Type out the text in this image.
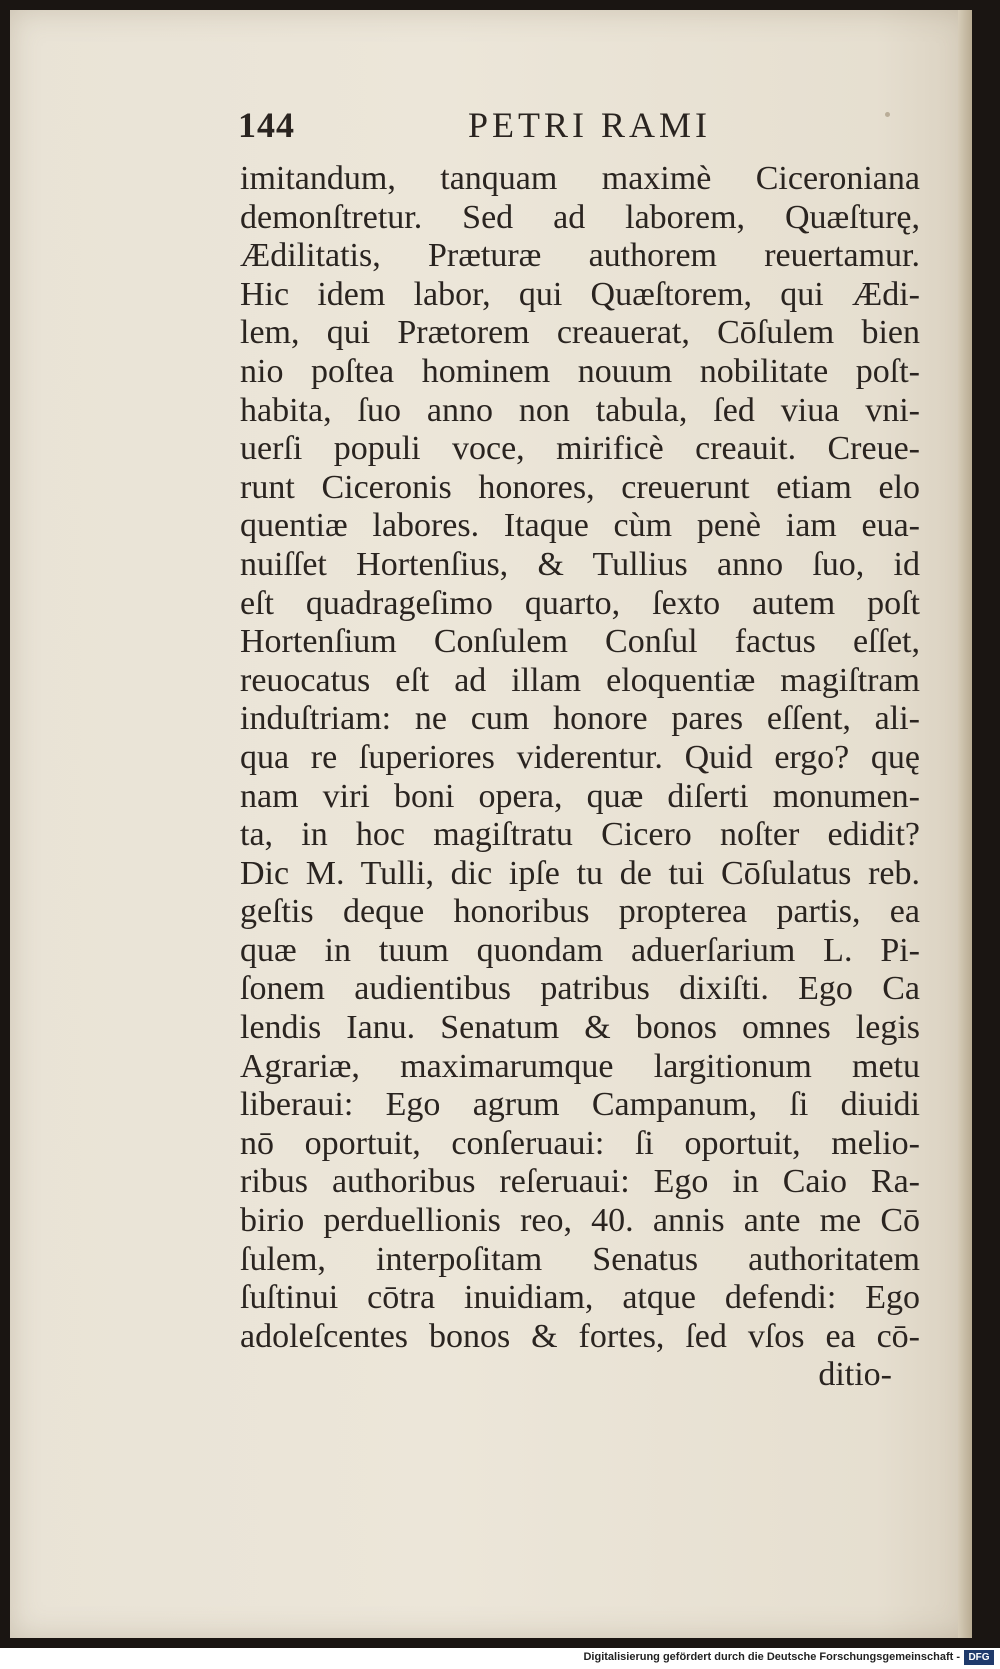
144	PETRI RAMI
imitandum, tanquam maximè Ciceroniana
demonſtretur. Sed ad laborem, Quæſturę,
Ædilitatis, Præturæ authorem reuertamur.
Hic idem labor, qui Quæſtorem, qui Ædi-
lem, qui Prætorem creauerat, Cōſulem bien
nio poſtea hominem nouum nobilitate poſt-
habita, ſuo anno non tabula, ſed viua vni-
uerſi populi voce, mirificè creauit. Creue-
runt Ciceronis honores, creuerunt etiam elo
quentiæ labores. Itaque cùm penè iam eua-
nuiſſet Hortenſius, & Tullius anno ſuo, id
eſt quadrageſimo quarto, ſexto autem poſt
Hortenſium Conſulem Conſul factus eſſet,
reuocatus eſt ad illam eloquentiæ magiſtram
induſtriam: ne cum honore pares eſſent, ali-
qua re ſuperiores viderentur. Quid ergo? quę
nam viri boni opera, quæ diſerti monumen-
ta, in hoc magiſtratu Cicero noſter edidit?
Dic M. Tulli, dic ipſe tu de tui Cōſulatus reb.
geſtis deque honoribus propterea partis, ea
quæ in tuum quondam aduerſarium L. Pi-
ſonem audientibus patribus dixiſti. Ego Ca
lendis Ianu. Senatum & bonos omnes legis
Agrariæ, maximarumque largitionum metu
liberaui: Ego agrum Campanum, ſi diuidi
nō oportuit, conſeruaui: ſi oportuit, melio-
ribus authoribus reſeruaui: Ego in Caio Ra-
birio perduellionis reo, 40. annis ante me Cō
ſulem, interpoſitam Senatus authoritatem
ſuſtinui cōtra inuidiam, atque defendi: Ego
adoleſcentes bonos & fortes, ſed vſos ea cō-
ditio-
Digitalisierung gefördert durch die Deutsche Forschungsgemeinschaft - DFG
